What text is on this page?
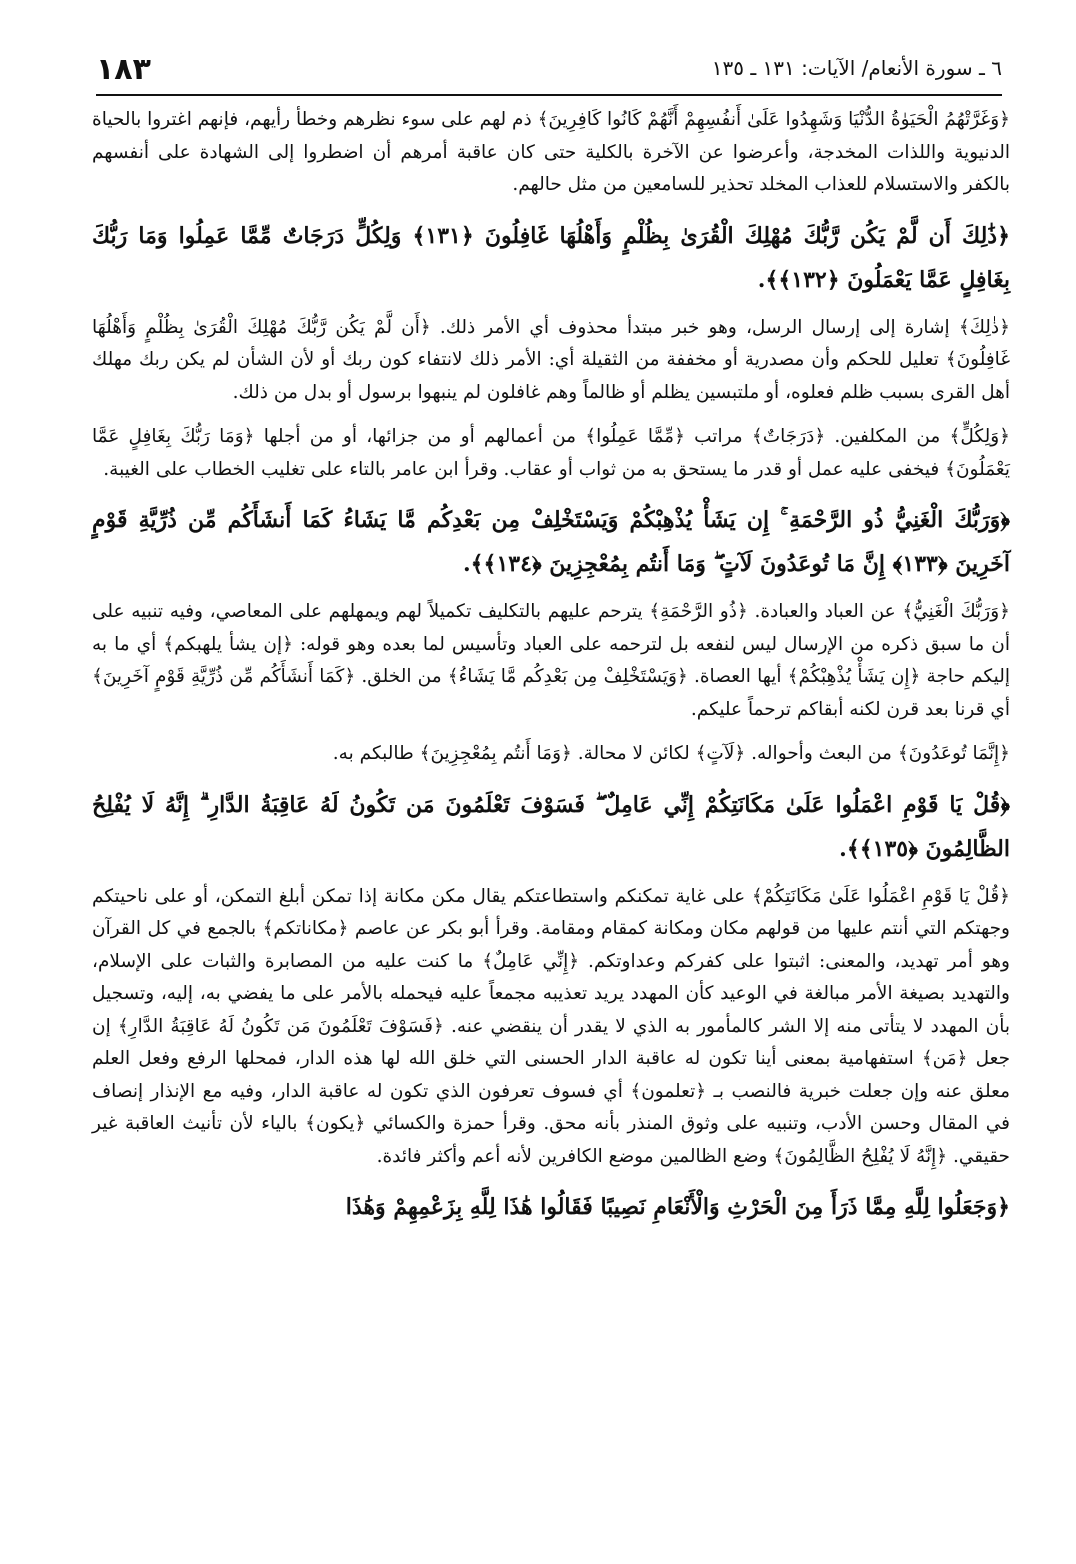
١٨٣	٦ ـ سورة الأنعام/ الآيات: ١٣١ ـ ١٣٥

﴿وَغَرَّتْهُمُ الْحَيَوٰةُ الدُّنْيَا وَشَهِدُوا عَلَىٰ أَنفُسِهِمْ أَنَّهُمْ كَانُوا كَافِرِينَ﴾ ذم لهم على سوء نظرهم وخطأ رأيهم، فإنهم اغتروا بالحياة الدنيوية واللذات المخدجة، وأعرضوا عن الآخرة بالكلية حتى كان عاقبة أمرهم أن اضطروا إلى الشهادة على أنفسهم بالكفر والاستسلام للعذاب المخلد تحذير للسامعين من مثل حالهم.

﴿ذَٰلِكَ أَن لَّمْ يَكُن رَّبُّكَ مُهْلِكَ الْقُرَىٰ بِظُلْمٍ وَأَهْلُهَا غَافِلُونَ ﴿١٣١﴾ وَلِكُلٍّ دَرَجَاتٌ مِّمَّا عَمِلُوا وَمَا رَبُّكَ بِغَافِلٍ عَمَّا يَعْمَلُونَ ﴿١٣٢﴾﴾.

﴿ذٰلِكَ﴾ إشارة إلى إرسال الرسل، وهو خبر مبتدأ محذوف أي الأمر ذلك. ﴿أَن لَّمْ يَكُن رَّبُّكَ مُهْلِكَ الْقُرَىٰ بِظُلْمٍ وَأَهْلُهَا غَافِلُونَ﴾ تعليل للحكم وأن مصدرية أو مخففة من الثقيلة أي: الأمر ذلك لانتفاء كون ربك أو لأن الشأن لم يكن ربك مهلك أهل القرى بسبب ظلم فعلوه، أو ملتبسين يظلم أو ظالماً وهم غافلون لم ينبهوا برسول أو بدل من ذلك.

﴿وَلِكُلٍّ﴾ من المكلفين. ﴿دَرَجَاتٌ﴾ مراتب ﴿مِّمَّا عَمِلُوا﴾ من أعمالهم أو من جزائها، أو من أجلها ﴿وَمَا رَبُّكَ بِغَافِلٍ عَمَّا يَعْمَلُونَ﴾ فيخفى عليه عمل أو قدر ما يستحق به من ثواب أو عقاب. وقرأ ابن عامر بالتاء على تغليب الخطاب على الغيبة.

﴿وَرَبُّكَ الْغَنِيُّ ذُو الرَّحْمَةِ ۚ إِن يَشَأْ يُذْهِبْكُمْ وَيَسْتَخْلِفْ مِن بَعْدِكُم مَّا يَشَاءُ كَمَا أَنشَأَكُم مِّن ذُرِّيَّةِ قَوْمٍ آخَرِينَ ﴿١٣٣﴾ إِنَّ مَا تُوعَدُونَ لَآتٍ ۖ وَمَا أَنتُم بِمُعْجِزِينَ ﴿١٣٤﴾﴾.

﴿وَرَبُّكَ الْغَنِيُّ﴾ عن العباد والعبادة. ﴿ذُو الرَّحْمَةِ﴾ يترحم عليهم بالتكليف تكميلاً لهم ويمهلهم على المعاصي، وفيه تنبيه على أن ما سبق ذكره من الإرسال ليس لنفعه بل لترحمه على العباد وتأسيس لما بعده وهو قوله: ﴿إن يشأ يلهبكم﴾ أي ما به إليكم حاجة ﴿إِن يَشَأْ يُذْهِبْكُمْ﴾ أيها العصاة. ﴿وَيَسْتَخْلِفْ مِن بَعْدِكُم مَّا يَشَاءُ﴾ من الخلق. ﴿كَمَا أَنشَأَكُم مِّن ذُرِّيَّةِ قَوْمٍ آخَرِينَ﴾ أي قرنا بعد قرن لكنه أبقاكم ترحماً عليكم.

﴿إِنَّمَا تُوعَدُونَ﴾ من البعث وأحواله. ﴿لَآتٍ﴾ لكائن لا محالة. ﴿وَمَا أَنتُم بِمُعْجِزِينَ﴾ طالبكم به.

﴿قُلْ يَا قَوْمِ اعْمَلُوا عَلَىٰ مَكَانَتِكُمْ إِنِّي عَامِلٌ ۖ فَسَوْفَ تَعْلَمُونَ مَن تَكُونُ لَهُ عَاقِبَةُ الدَّارِ ۗ إِنَّهُ لَا يُفْلِحُ الظَّالِمُونَ ﴿١٣٥﴾﴾.

﴿قُلْ يَا قَوْمِ اعْمَلُوا عَلَىٰ مَكَانَتِكُمْ﴾ على غاية تمكنكم واستطاعتكم يقال مكن مكانة إذا تمكن أبلغ التمكن، أو على ناحيتكم وجهتكم التي أنتم عليها من قولهم مكان ومكانة كمقام ومقامة. وقرأ أبو بكر عن عاصم ﴿مكاناتكم﴾ بالجمع في كل القرآن وهو أمر تهديد، والمعنى: اثبتوا على كفركم وعداوتكم. ﴿إِنِّي عَامِلٌ﴾ ما كنت عليه من المصابرة والثبات على الإسلام، والتهديد بصيغة الأمر مبالغة في الوعيد كأن المهدد يريد تعذيبه مجمعاً عليه فيحمله بالأمر على ما يفضي به، إليه، وتسجيل بأن المهدد لا يتأتى منه إلا الشر كالمأمور به الذي لا يقدر أن ينقضي عنه. ﴿فَسَوْفَ تَعْلَمُونَ مَن تَكُونُ لَهُ عَاقِبَةُ الدَّارِ﴾ إن جعل ﴿مَن﴾ استفهامية بمعنى أينا تكون له عاقبة الدار الحسنى التي خلق الله لها هذه الدار، فمحلها الرفع وفعل العلم معلق عنه وإن جعلت خبرية فالنصب بـ ﴿تعلمون﴾ أي فسوف تعرفون الذي تكون له عاقبة الدار، وفيه مع الإنذار إنصاف في المقال وحسن الأدب، وتنبيه على وثوق المنذر بأنه محق. وقرأ حمزة والكسائي ﴿يكون﴾ بالياء لأن تأنيث العاقبة غير حقيقي. ﴿إِنَّهُ لَا يُفْلِحُ الظَّالِمُونَ﴾ وضع الظالمين موضع الكافرين لأنه أعم وأكثر فائدة.

﴿وَجَعَلُوا لِلَّهِ مِمَّا ذَرَأَ مِنَ الْحَرْثِ وَالْأَنْعَامِ نَصِيبًا فَقَالُوا هَٰذَا لِلَّهِ بِزَعْمِهِمْ وَهَٰذَا
